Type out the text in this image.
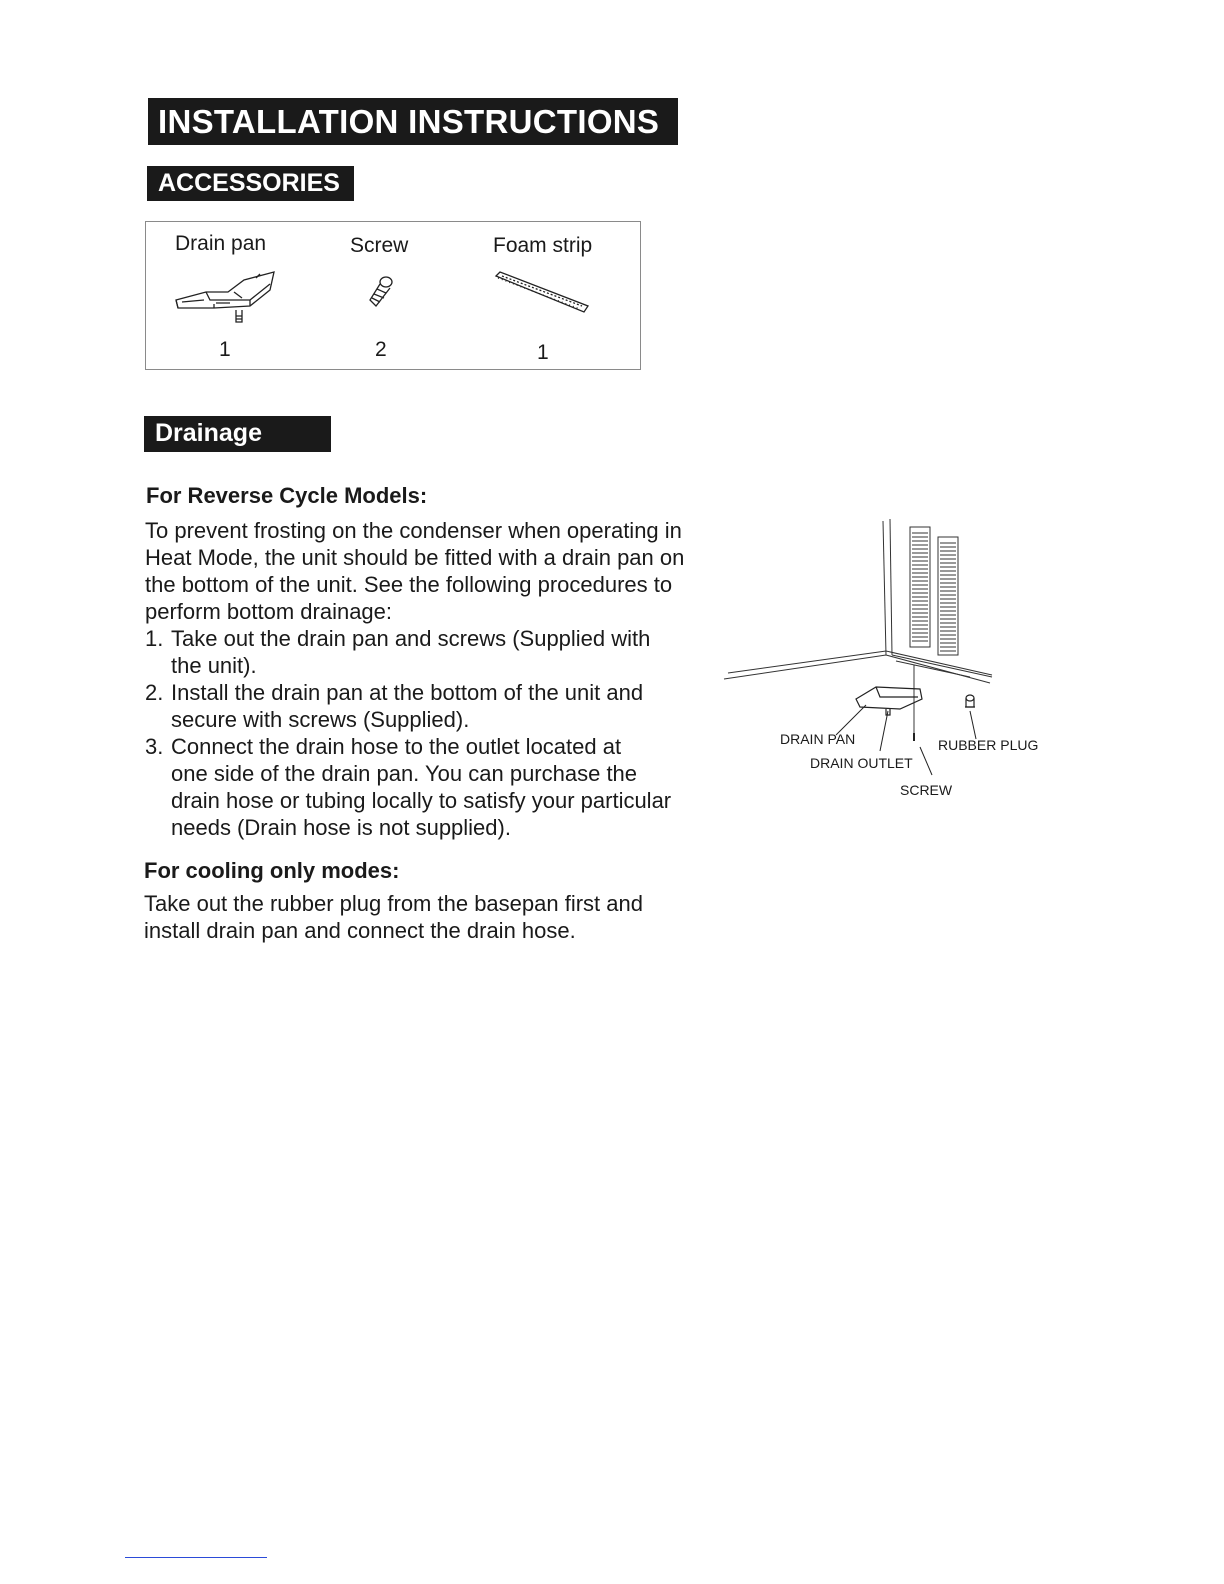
INSTALLATION INSTRUCTIONS
ACCESSORIES
Drain pan
1
Screw
2
Foam strip
1
Drainage
For Reverse Cycle Models:
To prevent frosting on the condenser when operating in
Heat Mode, the unit should be fitted with a drain pan on
the bottom of the unit. See the following procedures to
perform bottom drainage:
1. Take out the drain pan and screws (Supplied with
the unit).
2. Install the drain pan at the bottom of the unit and
secure with screws (Supplied).
3. Connect the drain hose to the outlet located at
one side of the drain pan. You can purchase the
drain hose or tubing locally to satisfy your particular
needs (Drain hose is not supplied).
For cooling only modes:
Take out the rubber plug from the basepan first and
install drain pan and connect the drain hose.
DRAIN PAN
DRAIN OUTLET
SCREW
RUBBER PLUG
